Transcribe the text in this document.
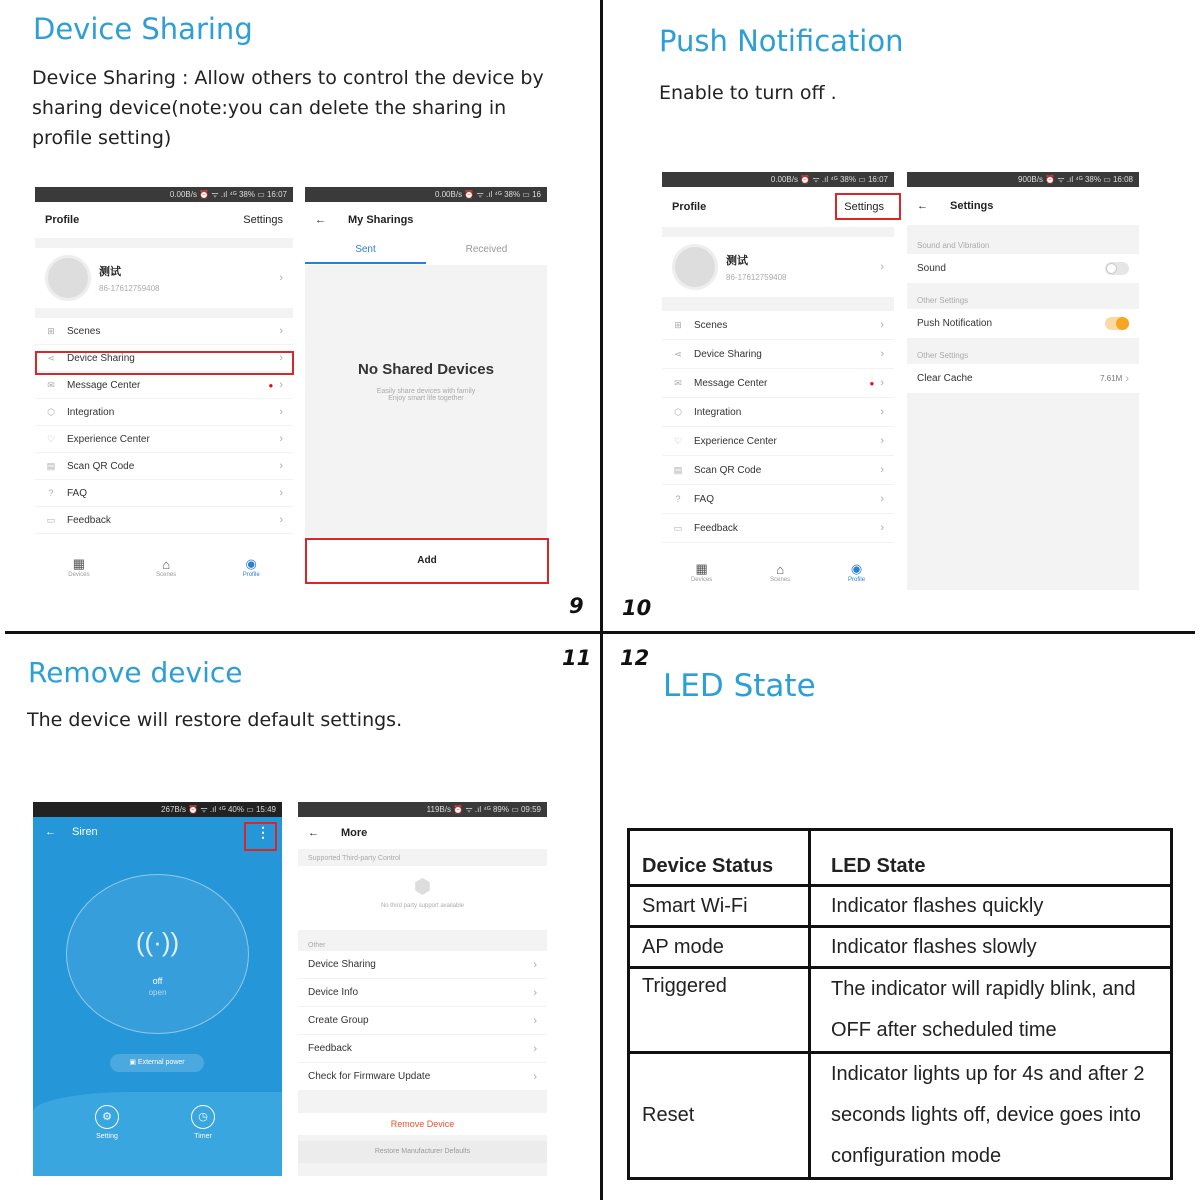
Device Sharing
Device Sharing : Allow others to control the device by
sharing device(note:you can delete the sharing in
profile setting)
9
0.00B/s ⏰ ᯤ .ıl ⁴ᴳ 38% ▭ 16:07
Profile	Settings
测试
86-17612759408
›
⊞ Scenes	›
⋖ Device Sharing	›
✉ Message Center	● ›
⬡ Integration	›
♡ Experience Center	›
▤ Scan QR Code	›
?	FAQ	›
▭ Feedback	›
▦
Devices
⌂
Scenes
◉
Profile
0.00B/s ⏰ ᯤ .ıl ⁴ᴳ 38% ▭ 16
← My Sharings
Sent	Received
No Shared Devices
Easily share devices with family
Enjoy smart life together
Add
Push Notification
Enable to turn off .
10
0.00B/s ⏰ ᯤ .ıl ⁴ᴳ 38% ▭ 16:07
Profile	Settings
测试
86-17612759408
›
⊞ Scenes	›
⋖ Device Sharing	›
✉ Message Center	● ›
⬡ Integration	›
♡ Experience Center	›
▤ Scan QR Code	›
?	FAQ	›
▭ Feedback	›
▦
Devices
⌂
Scenes
◉
Profile
900B/s ⏰ ᯤ .ıl ⁴ᴳ 38% ▭ 16:08
← Settings
Sound and Vibration
Sound
Other Settings
Push Notification
Other Settings
Clear Cache	7.61M ›
Remove device
The device will restore default settings.
11
267B/s ⏰ ᯤ .ıl ⁴ᴳ 40% ▭ 15:49
← Siren	⋮
((·))
off
open
▣ External power
⚙
Setting
◷
Timer
119B/s ⏰ ᯤ .ıl ⁴ᴳ 89% ▭ 09:59
← More
Supported Third-party Control
⬢
No third party support available
Other
Device Sharing	›
Device Info	›
Create Group	›
Feedback	›
Check for Firmware Update	›
Remove Device
Restore Manufacturer Defaults
12
LED State
Device Status	LED State
Smart Wi-Fi	Indicator flashes quickly
AP mode	Indicator flashes slowly
Triggered	The indicator will rapidly blink, and
OFF after scheduled time

Reset	Indicator lights up for 4s and after 2
seconds lights off, device goes into
configuration mode
